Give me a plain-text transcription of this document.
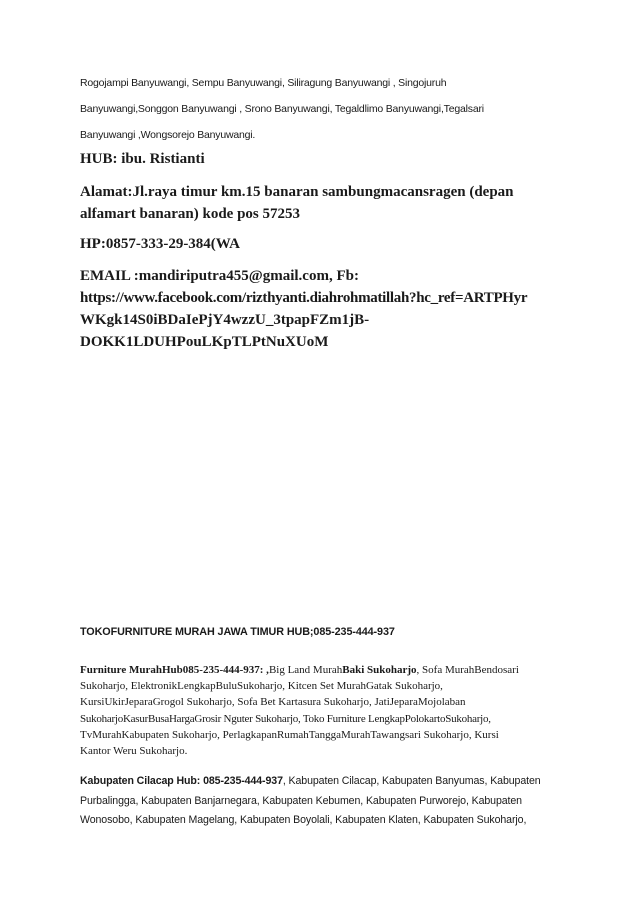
Rogojampi Banyuwangi, Sempu Banyuwangi, Siliragung Banyuwangi , Singojuruh
Banyuwangi,Songgon Banyuwangi , Srono Banyuwangi, Tegaldlimo Banyuwangi,Tegalsari
Banyuwangi ,Wongsorejo Banyuwangi.
HUB: ibu. Ristianti
Alamat:Jl.raya timur km.15 banaran sambungmacansragen (depan
alfamart banaran) kode pos 57253
HP:0857-333-29-384(WA
EMAIL :mandiriputra455@gmail.com, Fb:
https://www.facebook.com/rizthyanti.diahrohmatillah?hc_ref=ARTPHyr
WKgk14S0iBDaIePjY4wzzU_3tpapFZm1jB-
DOKK1LDUHPouLKpTLPtNuXUoM
TOKOFURNITURE MURAH JAWA TIMUR HUB;085-235-444-937
Furniture MurahHub085-235-444-937: ,Big Land MurahBaki Sukoharjo, Sofa MurahBendosari
Sukoharjo, ElektronikLengkapBuluSukoharjo, Kitcen Set MurahGatak Sukoharjo,
KursiUkirJeparaGrogol Sukoharjo, Sofa Bet Kartasura Sukoharjo, JatiJeparaMojolaban
SukoharjoKasurBusaHargaGrosir Nguter Sukoharjo, Toko Furniture LengkapPolokartoSukoharjo,
TvMurahKabupaten Sukoharjo, PerlagkapanRumahTanggaMurahTawangsari Sukoharjo, Kursi
Kantor Weru Sukoharjo.
Kabupaten Cilacap Hub: 085-235-444-937, Kabupaten Cilacap, Kabupaten Banyumas, Kabupaten
Purbalingga, Kabupaten Banjarnegara, Kabupaten Kebumen, Kabupaten Purworejo, Kabupaten
Wonosobo, Kabupaten Magelang, Kabupaten Boyolali, Kabupaten Klaten, Kabupaten Sukoharjo,
